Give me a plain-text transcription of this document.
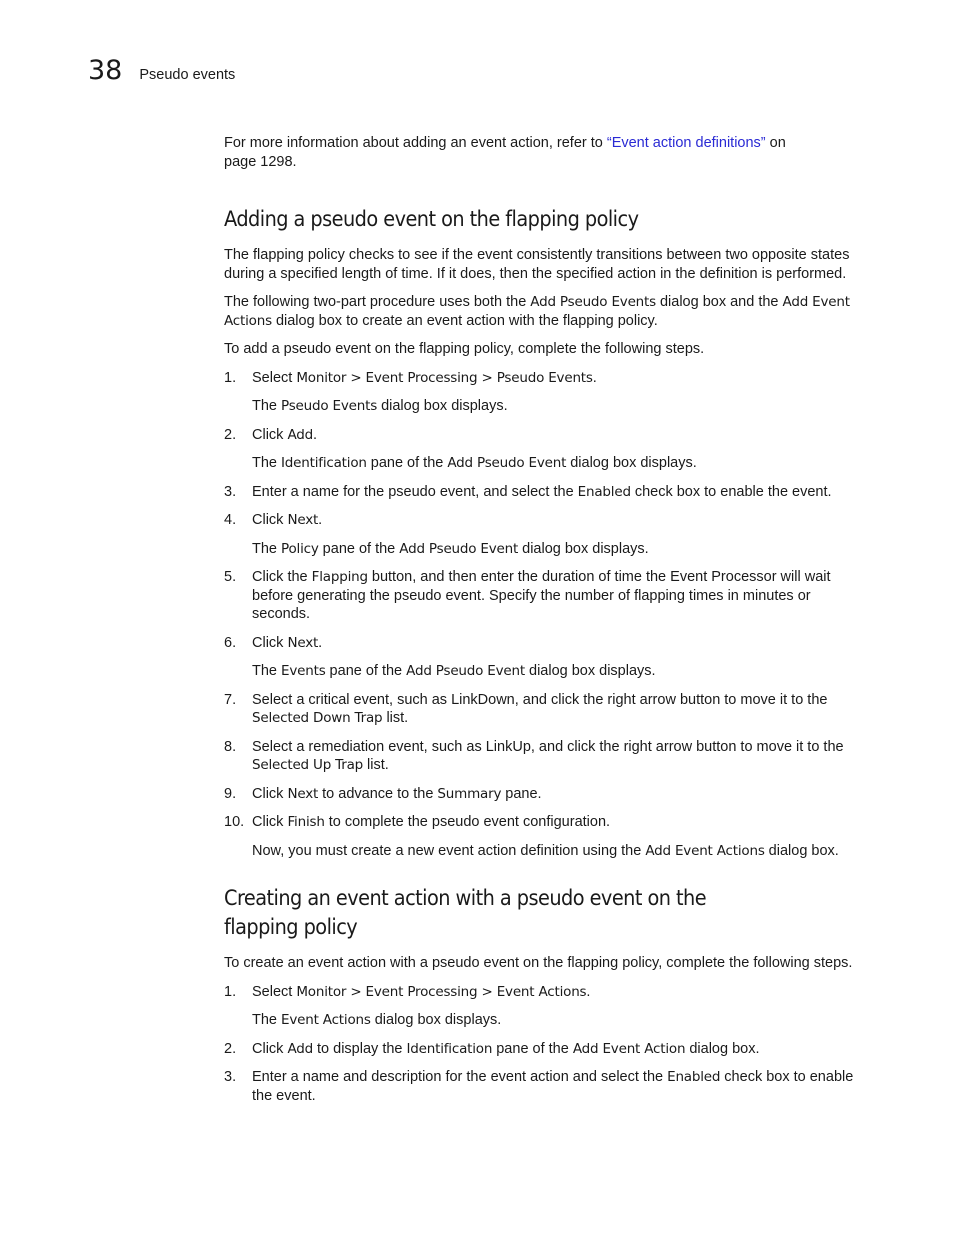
38 Pseudo events

For more information about adding an event action, refer to “Event action definitions” on
page 1298.

Adding a pseudo event on the flapping policy

The flapping policy checks to see if the event consistently transitions between two opposite states
during a specified length of time. If it does, then the specified action in the definition is performed.

The following two-part procedure uses both the Add Pseudo Events dialog box and the Add Event
Actions dialog box to create an event action with the flapping policy.

To add a pseudo event on the flapping policy, complete the following steps.

1.	Select Monitor > Event Processing > Pseudo Events.

The Pseudo Events dialog box displays.

2.	Click Add.

The Identification pane of the Add Pseudo Event dialog box displays.

3.	Enter a name for the pseudo event, and select the Enabled check box to enable the event.

4.	Click Next.

The Policy pane of the Add Pseudo Event dialog box displays.

5.	Click the Flapping button, and then enter the duration of time the Event Processor will wait
before generating the pseudo event. Specify the number of flapping times in minutes or
seconds.

6.	Click Next.

The Events pane of the Add Pseudo Event dialog box displays.

7.	Select a critical event, such as LinkDown, and click the right arrow button to move it to the
Selected Down Trap list.

8.	Select a remediation event, such as LinkUp, and click the right arrow button to move it to the
Selected Up Trap list.

9.	Click Next to advance to the Summary pane.

10. Click Finish to complete the pseudo event configuration.

Now, you must create a new event action definition using the Add Event Actions dialog box.

Creating an event action with a pseudo event on the
flapping policy

To create an event action with a pseudo event on the flapping policy, complete the following steps.

1.	Select Monitor > Event Processing > Event Actions.

The Event Actions dialog box displays.

2.	Click Add to display the Identification pane of the Add Event Action dialog box.

3.	Enter a name and description for the event action and select the Enabled check box to enable
the event.
